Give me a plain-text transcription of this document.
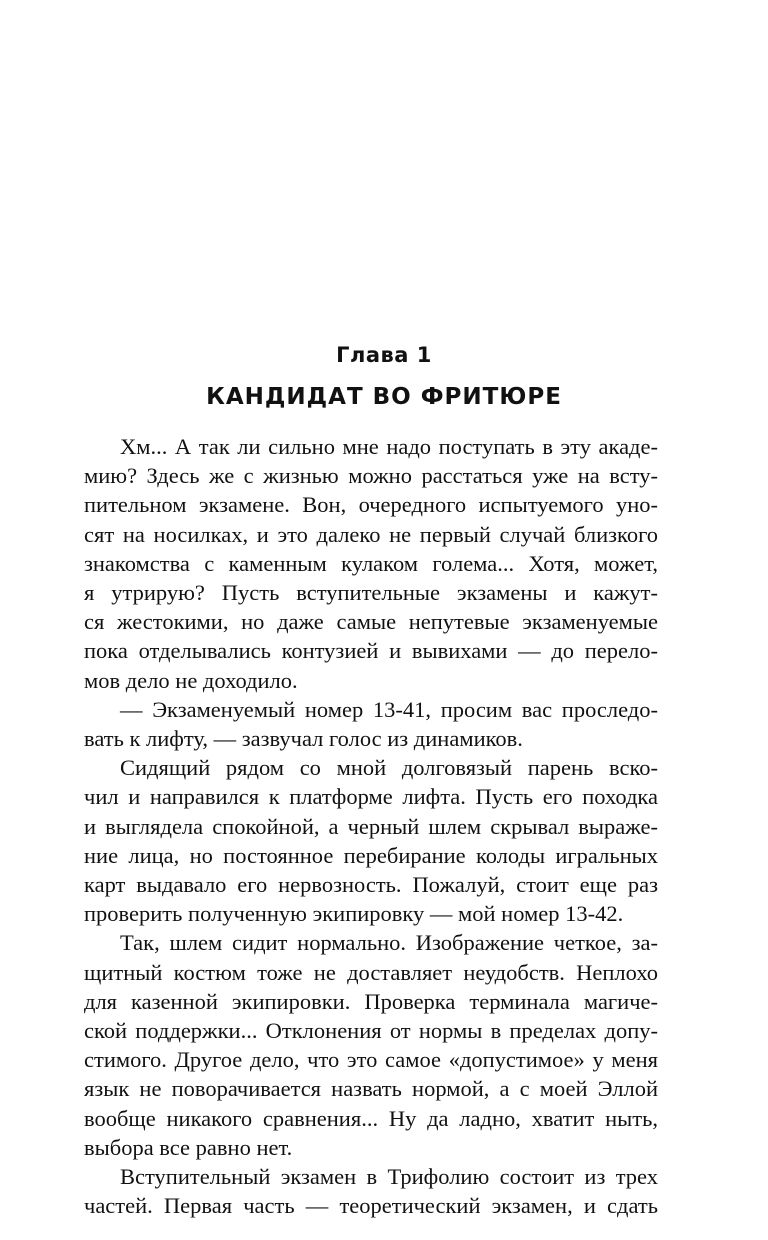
Глава 1
КАНДИДАТ ВО ФРИТЮРЕ

Хм... А так ли сильно мне надо поступать в эту акаде-
мию? Здесь же с жизнью можно расстаться уже на всту-
пительном экзамене. Вон, очередного испытуемого уно-
сят на носилках, и это далеко не первый случай близкого
знакомства с каменным кулаком голема... Хотя, может,
я утрирую? Пусть вступительные экзамены и кажут-
ся жестокими, но даже самые непутевые экзаменуемые
пока отделывались контузией и вывихами — до перело-
мов дело не доходило.

— Экзаменуемый номер 13-41, просим вас проследо-
вать к лифту, — зазвучал голос из динамиков.

Сидящий рядом со мной долговязый парень вско-
чил и направился к платформе лифта. Пусть его походка
и выглядела спокойной, а черный шлем скрывал выраже-
ние лица, но постоянное перебирание колоды игральных
карт выдавало его нервозность. Пожалуй, стоит еще раз
проверить полученную экипировку — мой номер 13-42.

Так, шлем сидит нормально. Изображение четкое, за-
щитный костюм тоже не доставляет неудобств. Неплохо
для казенной экипировки. Проверка терминала магиче-
ской поддержки... Отклонения от нормы в пределах допу-
стимого. Другое дело, что это самое «допустимое» у меня
язык не поворачивается назвать нормой, а с моей Эллой
вообще никакого сравнения... Ну да ладно, хватит ныть,
выбора все равно нет.

Вступительный экзамен в Трифолию состоит из трех
частей. Первая часть — теоретический экзамен, и сдать
